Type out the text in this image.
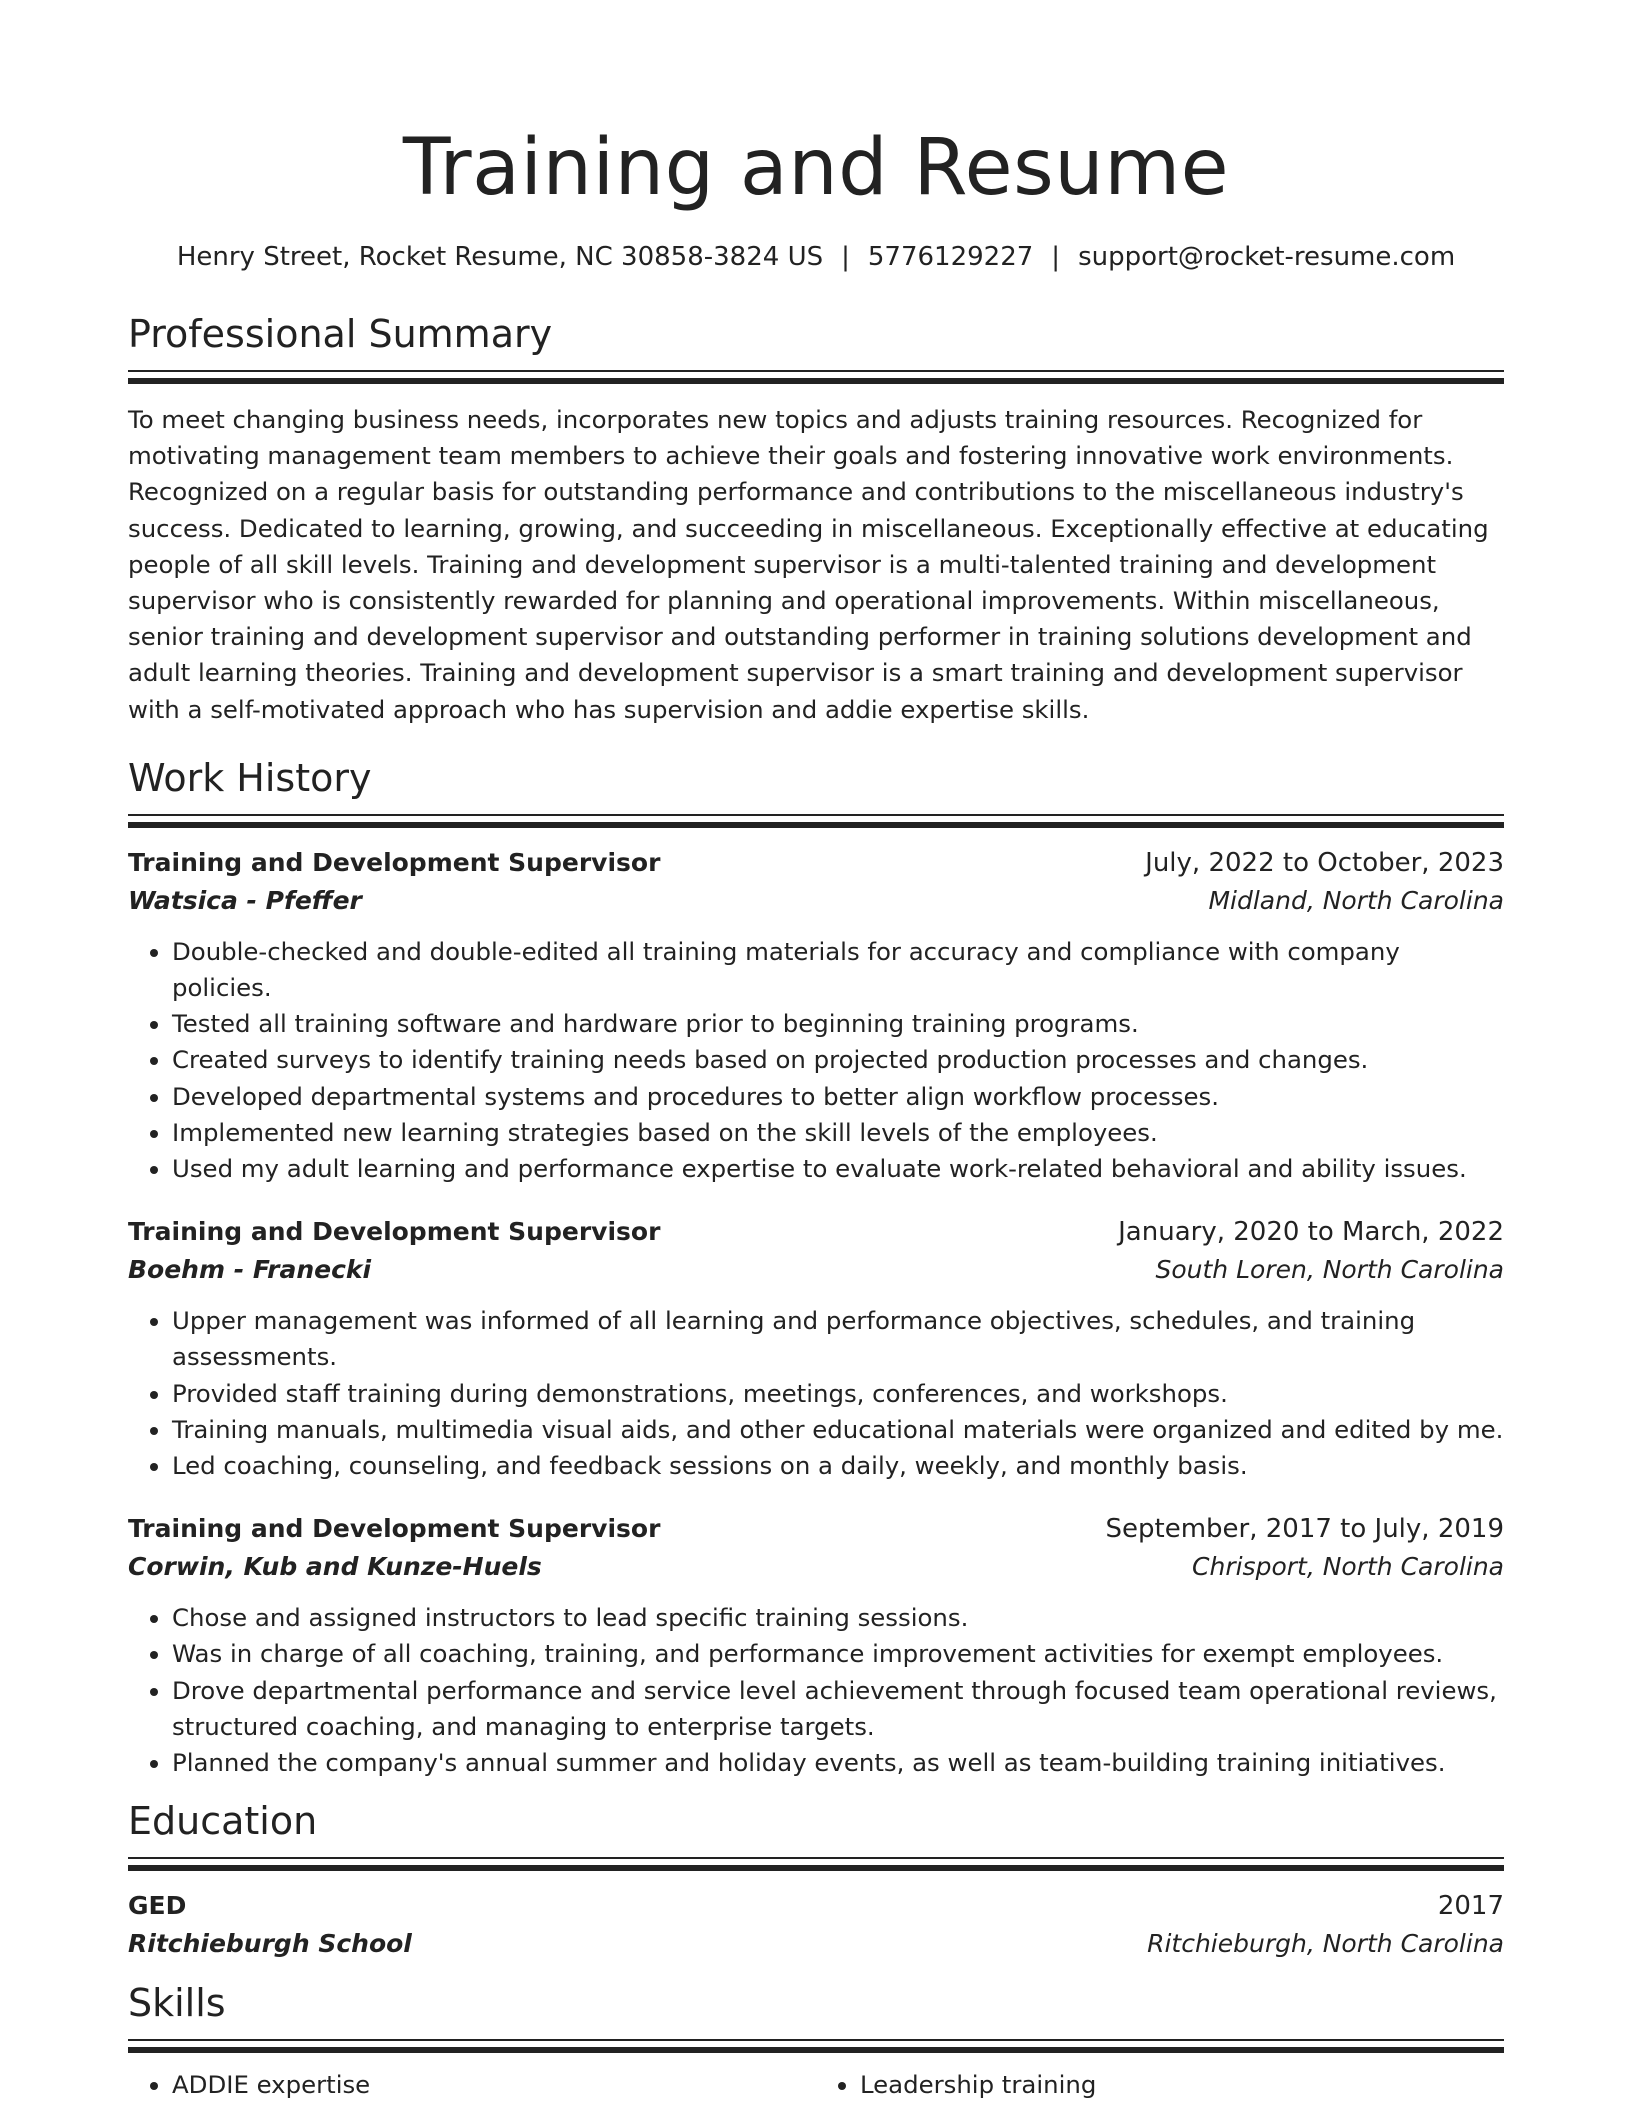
Training and Resume
Henry Street, Rocket Resume, NC 30858-3824 US | 5776129227 | support@rocket-resume.com
Professional Summary
To meet changing business needs, incorporates new topics and adjusts training resources. Recognized for motivating management team members to achieve their goals and fostering innovative work environments. Recognized on a regular basis for outstanding performance and contributions to the miscellaneous industry's success. Dedicated to learning, growing, and succeeding in miscellaneous. Exceptionally effective at educating people of all skill levels. Training and development supervisor is a multi-talented training and development supervisor who is consistently rewarded for planning and operational improvements. Within miscellaneous, senior training and development supervisor and outstanding performer in training solutions development and adult learning theories. Training and development supervisor is a smart training and development supervisor with a self-motivated approach who has supervision and addie expertise skills.
Work History
Training and Development Supervisor	July, 2022 to October, 2023
Watsica - Pfeffer	Midland, North Carolina
• Double-checked and double-edited all training materials for accuracy and compliance with company policies.
• Tested all training software and hardware prior to beginning training programs.
• Created surveys to identify training needs based on projected production processes and changes.
• Developed departmental systems and procedures to better align workflow processes.
• Implemented new learning strategies based on the skill levels of the employees.
• Used my adult learning and performance expertise to evaluate work-related behavioral and ability issues.
Training and Development Supervisor	January, 2020 to March, 2022
Boehm - Franecki	South Loren, North Carolina
• Upper management was informed of all learning and performance objectives, schedules, and training assessments.
• Provided staff training during demonstrations, meetings, conferences, and workshops.
• Training manuals, multimedia visual aids, and other educational materials were organized and edited by me.
• Led coaching, counseling, and feedback sessions on a daily, weekly, and monthly basis.
Training and Development Supervisor	September, 2017 to July, 2019
Corwin, Kub and Kunze-Huels	Chrisport, North Carolina
• Chose and assigned instructors to lead specific training sessions.
• Was in charge of all coaching, training, and performance improvement activities for exempt employees.
• Drove departmental performance and service level achievement through focused team operational reviews, structured coaching, and managing to enterprise targets.
• Planned the company's annual summer and holiday events, as well as team-building training initiatives.
Education
GED	2017
Ritchieburgh School	Ritchieburgh, North Carolina
Skills
• ADDIE expertise
•	Leadership training
